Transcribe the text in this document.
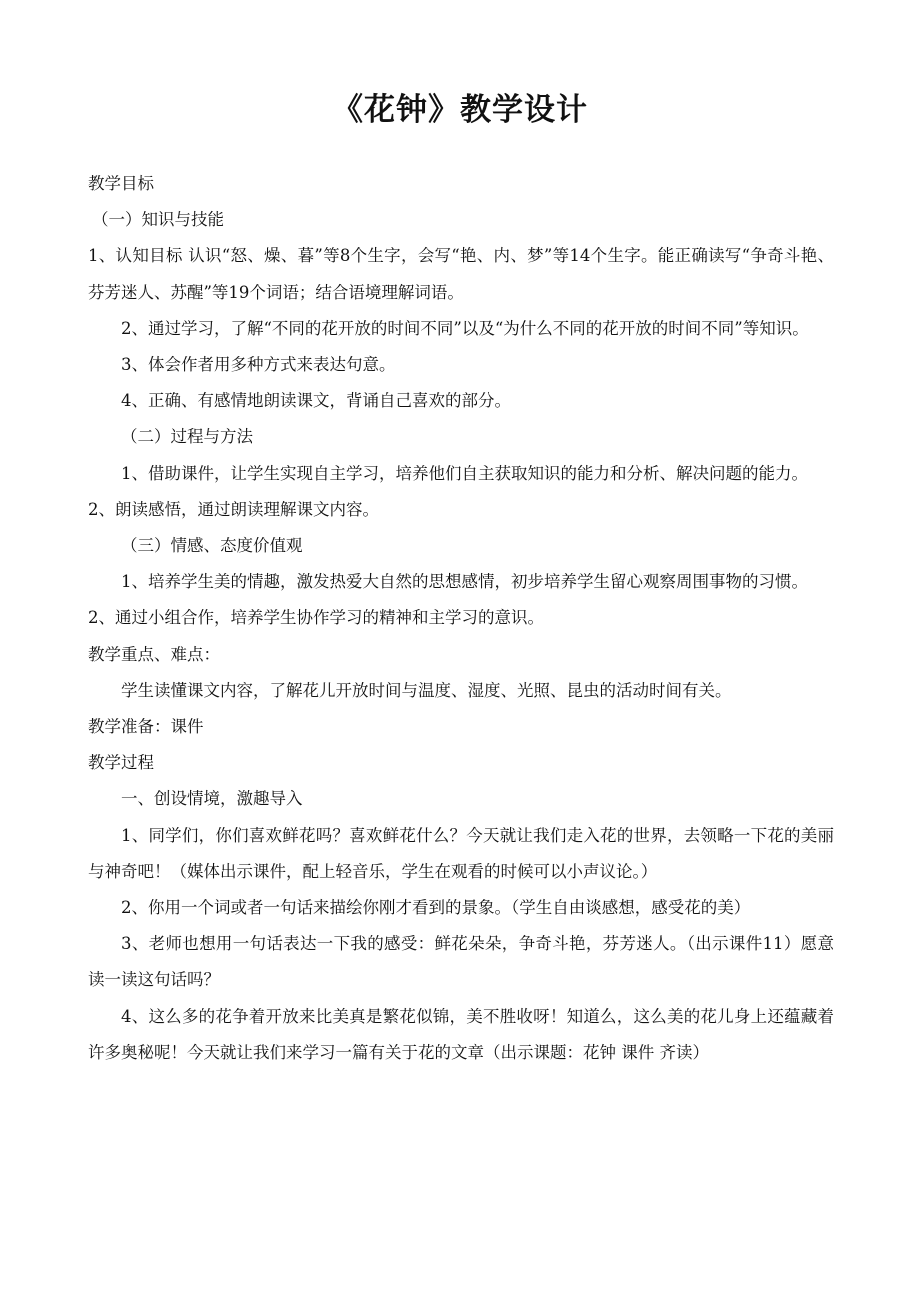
《花钟》教学设计

教学目标

（一）知识与技能

1、认知目标 认识“怒、燥、暮”等8个生字，会写“艳、内、梦”等14个生字。能正确读写“争奇斗艳、芬芳迷人、苏醒”等19个词语；结合语境理解词语。

2、通过学习，了解“不同的花开放的时间不同”以及“为什么不同的花开放的时间不同”等知识。

3、体会作者用多种方式来表达句意。

4、正确、有感情地朗读课文，背诵自己喜欢的部分。

（二）过程与方法

1、借助课件，让学生实现自主学习，培养他们自主获取知识的能力和分析、解决问题的能力。

2、朗读感悟，通过朗读理解课文内容。

（三）情感、态度价值观

1、培养学生美的情趣，激发热爱大自然的思想感情，初步培养学生留心观察周围事物的习惯。

2、通过小组合作，培养学生协作学习的精神和主学习的意识。

教学重点、难点：

学生读懂课文内容，了解花儿开放时间与温度、湿度、光照、昆虫的活动时间有关。

教学准备：课件

教学过程

一、创设情境，激趣导入

1、同学们，你们喜欢鲜花吗？喜欢鲜花什么？今天就让我们走入花的世界，去领略一下花的美丽与神奇吧！（媒体出示课件，配上轻音乐，学生在观看的时候可以小声议论。）

2、你用一个词或者一句话来描绘你刚才看到的景象。（学生自由谈感想，感受花的美）

3、老师也想用一句话表达一下我的感受：鲜花朵朵，争奇斗艳，芬芳迷人。（出示课件11）愿意读一读这句话吗？

4、这么多的花争着开放来比美真是繁花似锦，美不胜收呀！知道么，这么美的花儿身上还蕴藏着许多奥秘呢！今天就让我们来学习一篇有关于花的文章（出示课题：花钟 课件 齐读）
